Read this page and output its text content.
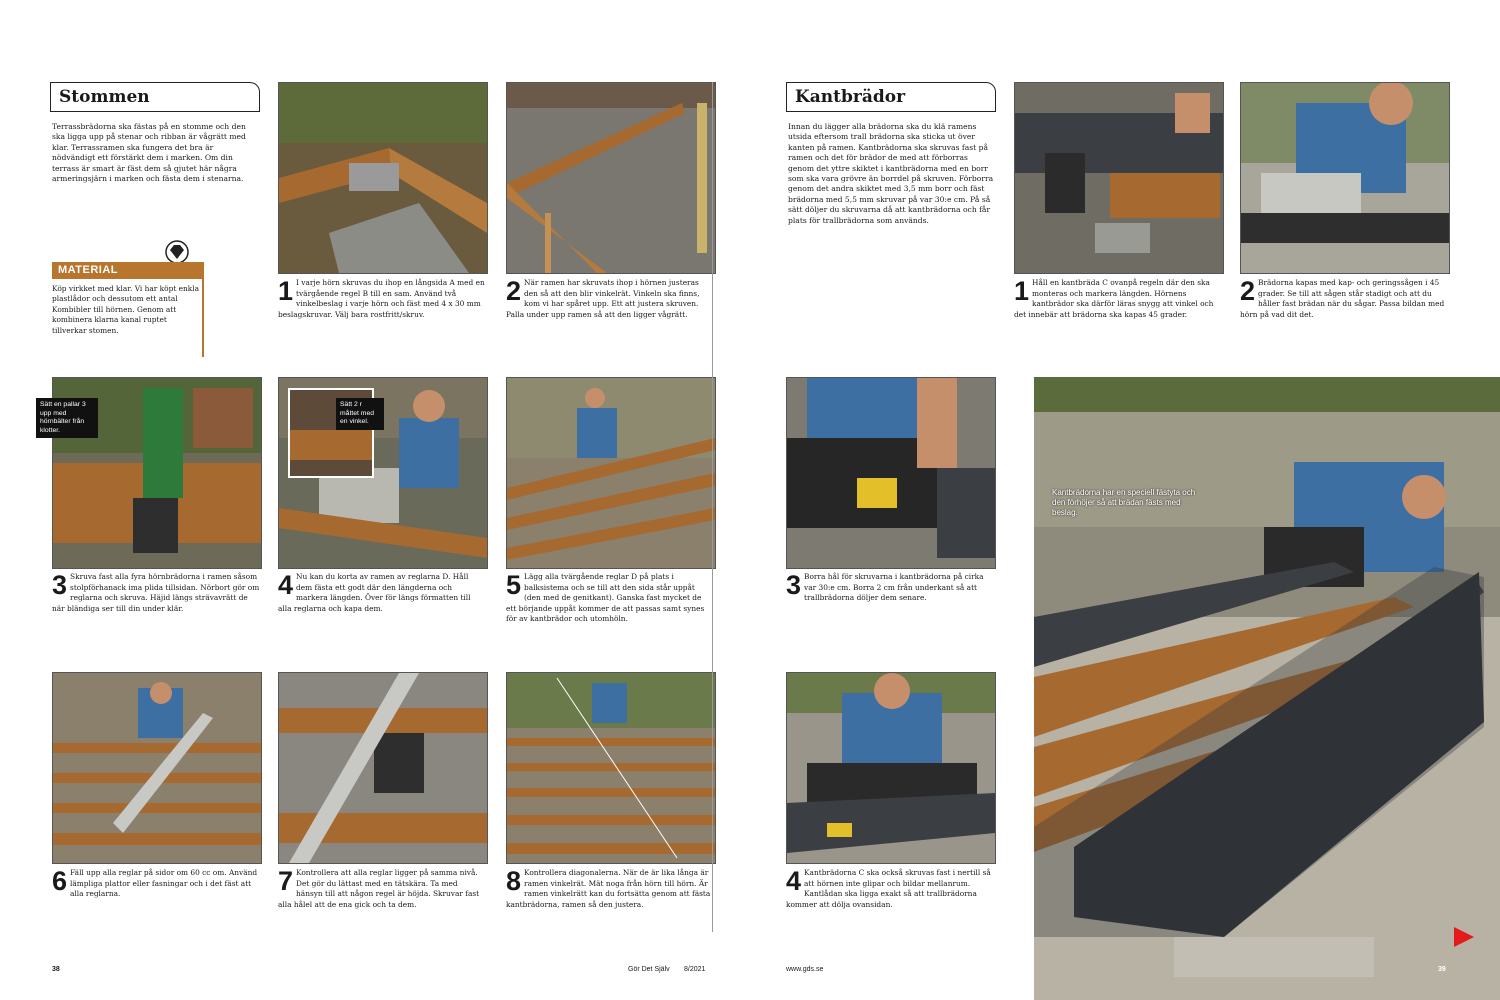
Stommen
Terrassbrädorna ska fästas på en stomme och den ska ligga upp på stenar och ribban är vågrätt med klar. Terrassramen ska fungera det bra är nödvändigt ett förstärkt dem i marken. Om din terrass är smart är fäst dem så gjutet här några armeringsjärn i marken och fästa dem i stenarna.
MATERIAL
Köp virkket med klar. Vi har köpt enkla plastlådor och dessutom ett antal Kombibler till hörnen. Genom att kombinera klarna kanal ruptet tillverkar stomen.
1 I varje hörn skruvas du ihop en långsida A med en tvärgående regel B till en sam. Använd två vinkelbeslag i varje hörn och fäst med 4 x 30 mm beslagskruvar. Välj bara rostfritt/skruv.
2 När ramen har skruvats ihop i hörnen justeras den så att den blir vinkelrät. Vinkeln ska finns, kom vi har spåret upp. Ett att justera skruven. Palla under upp ramen så att den ligger vågrätt.
Sätt en pallar 3 upp med hörnbälter från klotter.
3 Skruva fast alla fyra hörnbrädorna i ramen såsom stolpförhanack ima plida tillsidan. Nörbort gör om reglarna och skruva. Häjid längs strävavrätt de när bländiga ser till din under klär.
Sätt 2 r måttet med en vinkel.
4 Nu kan du korta av ramen av reglarna D. Håll dem fästa ett godt där den längderna och markera längden. Över för längs förmatten till alla reglarna och kapa dem.
5 Lägg alla tvärgående reglar D på plats i balksistema och se till att den sida står uppåt (den med de genitkant). Ganska fast mycket de ett börjande uppåt kommer de att passas samt synes för av kantbrädor och utomhöln.
6 Fäll upp alla reglar på sidor om 60 cc om. Använd lämpliga plattor eller fasningar och i det fäst att alla reglarna.	7 Kontrollera att alla reglar ligger på samma nivå. Det gör du lättast med en tätskära. Ta med hänsyn till att någon regel är höjda. Skruvar fast alla hålel att de ena gick och ta dem.
8 Kontrollera diagonalerna. När de är lika långa är ramen vinkelrät. Mät noga från hörn till hörn. Är ramen vinkelrätt kan du fortsätta genom att fästa kantbrädorna, ramen så den justera.
38	Gör Det Själv 8/2021
Kantbrädor
Innan du lägger alla brädorna ska du klä ramens utsida eftersom trall brädorna ska sticka ut över kanten på ramen. Kantbrädorna ska skruvas fast på ramen och det för brädor de med att förborras genom det yttre skiktet i kantbrädorna med en borr som ska vara grövre än borrdel på skruven. Förborra genom det andra skiktet med 3,5 mm borr och fäst brädorna med 5,5 mm skruvar på var 30:e cm. På så sätt döljer du skruvarna då att kantbrädorna och får plats för trallbrädorna som används.
1 Håll en kantbräda C ovanpå regeln där den ska monteras och markera längden. Hörnens kantbrädor ska därför läras snygg att vinkel och det innebär att brädorna ska kapas 45 grader.
2 Brädorna kapas med kap- och geringssågen i 45 grader. Se till att sågen står stadigt och att du håller fast brädan när du sågar. Passa bildan med hörn på vad dit det.
3 Borra hål för skruvarna i kantbrädorna på cirka var 30:e cm. Borra 2 cm från underkant så att trallbrädorna döljer dem senare.
4 Kantbrädorna C ska också skruvas fast i nertill så att hörnen inte glipar och bildar mellanrum. Kantlådan ska ligga exakt så att trallbrädorna kommer att dölja ovansidan.
Kantbrädorna har en speciell fästyta och den förhöjer så att brädan fästs med beslag.
www.gds.se	39
